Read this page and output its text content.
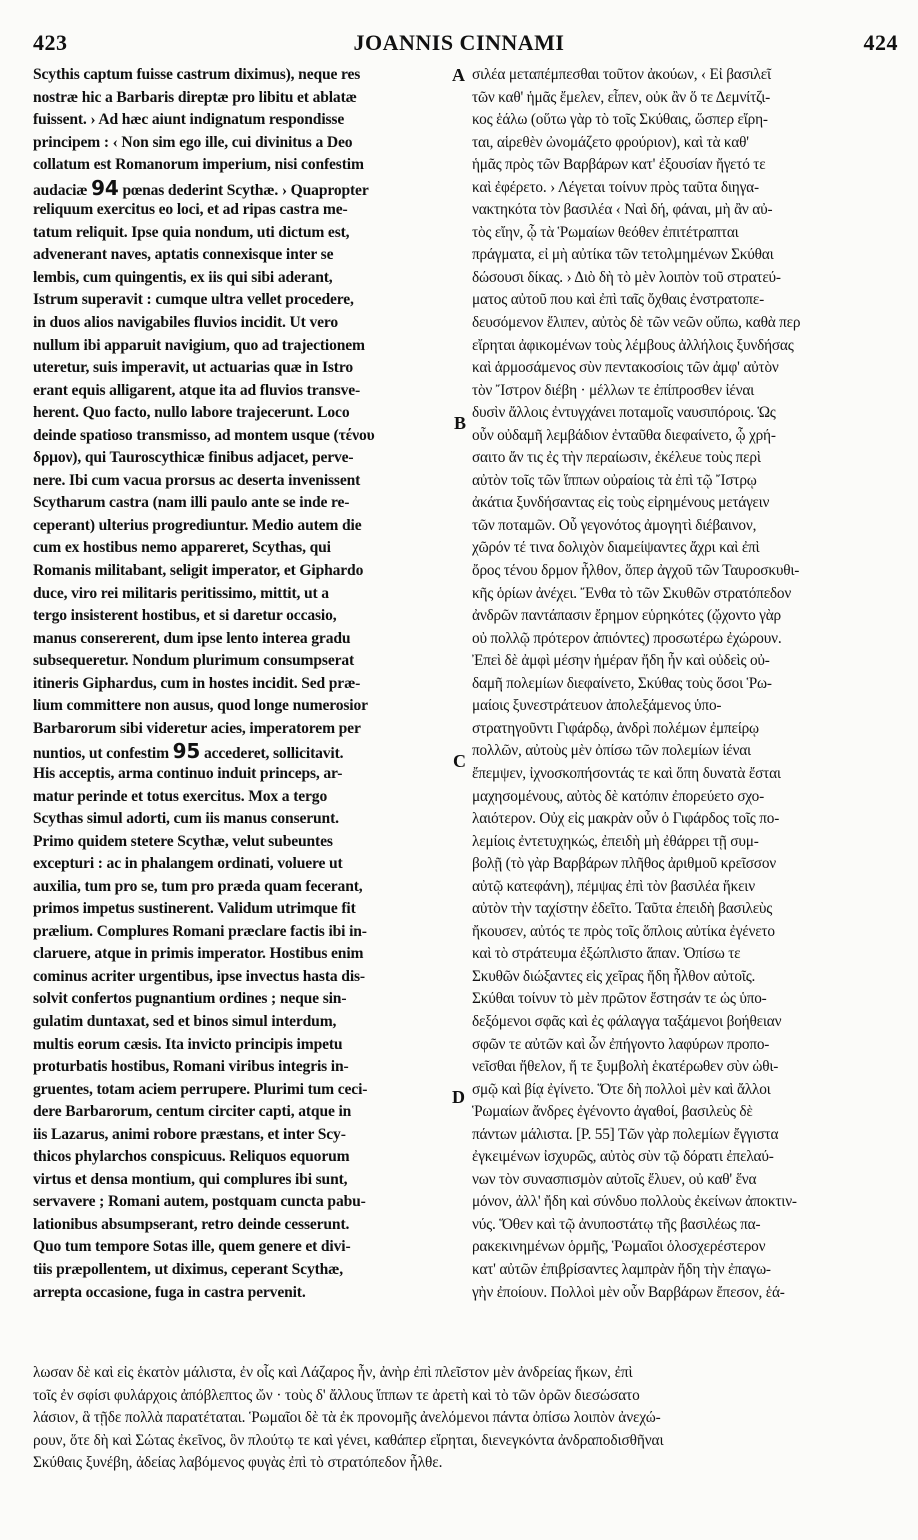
423	JOANNIS CINNAMI	424
Scythis captum fuisse castrum diximus), neque res
nostræ hic a Barbaris direptæ pro libitu et ablatæ
fuissent. › Ad hæc aiunt indignatum respondisse
principem : ‹ Non sim ego ille, cui divinitus a Deo
collatum est Romanorum imperium, nisi confestim
audaciæ 94 pœnas dederint Scythæ. › Quapropter
reliquum exercitus eo loci, et ad ripas castra me-
tatum reliquit. Ipse quia nondum, uti dictum est,
advenerant naves, aptatis connexisque inter se
lembis, cum quingentis, ex iis qui sibi aderant,
Istrum superavit : cumque ultra vellet procedere,
in duos alios navigabiles fluvios incidit. Ut vero
nullum ibi apparuit navigium, quo ad trajectionem
uteretur, suis imperavit, ut actuarias quæ in Istro
erant equis alligarent, atque ita ad fluvios transve-
herent. Quo facto, nullo labore trajecerunt. Loco
deinde spatioso transmisso, ad montem usque (τένου
δρμον), qui Tauroscythicæ finibus adjacet, perve-
nere. Ibi cum vacua prorsus ac deserta invenissent
Scytharum castra (nam illi paulo ante se inde re-
ceperant) ulterius progrediuntur. Medio autem die
cum ex hostibus nemo appareret, Scythas, qui
Romanis militabant, seligit imperator, et Giphardo
duce, viro rei militaris peritissimo, mittit, ut a
tergo insisterent hostibus, et si daretur occasio,
manus consererent, dum ipse lento interea gradu
subsequeretur. Nondum plurimum consumpserat
itineris Giphardus, cum in hostes incidit. Sed præ-
lium committere non ausus, quod longe numerosior
Barbarorum sibi videretur acies, imperatorem per
nuntios, ut confestim 95 accederet, sollicitavit.
His acceptis, arma continuo induit princeps, ar-
matur perinde et totus exercitus. Mox a tergo
Scythas simul adorti, cum iis manus conserunt.
Primo quidem stetere Scythæ, velut subeuntes
excepturi : ac in phalangem ordinati, voluere ut
auxilia, tum pro se, tum pro præda quam fecerant,
primos impetus sustinerent. Validum utrimque fit
prælium. Complures Romani præclare factis ibi in-
claruere, atque in primis imperator. Hostibus enim
cominus acriter urgentibus, ipse invectus hasta dis-
solvit confertos pugnantium ordines ; neque sin-
gulatim duntaxat, sed et binos simul interdum,
multis eorum cæsis. Ita invicto principis impetu
proturbatis hostibus, Romani viribus integris in-
gruentes, totam aciem perrupere. Plurimi tum ceci-
dere Barbarorum, centum circiter capti, atque in
iis Lazarus, animi robore præstans, et inter Scy-
thicos phylarchos conspicuus. Reliquos equorum
virtus et densa montium, qui complures ibi sunt,
servavere ; Romani autem, postquam cuncta pabu-
lationibus absumpserant, retro deinde cesserunt.
Quo tum tempore Sotas ille, quem genere et divi-
tiis præpollentem, ut diximus, ceperant Scythæ,
arrepta occasione, fuga in castra pervenit.
σιλέα μεταπέμπεσθαι τοῦτον ἀκούων, ‹ Εἰ βασιλεῖ
τῶν καθ' ἡμᾶς ἔμελεν, εἶπεν, οὐκ ἂν ὅ τε Δεμνίτζι-
κος ἑάλω (οὕτω γὰρ τὸ τοῖς Σκύθαις, ὥσπερ εἴρη-
ται, αἱρεθὲν ὠνομάζετο φρούριον), καὶ τὰ καθ'
ἡμᾶς πρὸς τῶν Βαρβάρων κατ' ἐξουσίαν ἤγετό τε
καὶ ἐφέρετο. › Λέγεται τοίνυν πρὸς ταῦτα διηγα-
νακτηκότα τὸν βασιλέα ‹ Ναὶ δή, φάναι, μὴ ἂν αὐ-
τὸς εἴην, ᾧ τὰ Ῥωμαίων θεόθεν ἐπιτέτραπται
πράγματα, εἰ μὴ αὐτίκα τῶν τετολμημένων Σκύθαι
δώσουσι δίκας. › Διὸ δὴ τὸ μὲν λοιπὸν τοῦ στρατεύ-
ματος αὐτοῦ που καὶ ἐπὶ ταῖς ὄχθαις ἐνστρατοπε-
δευσόμενον ἔλιπεν, αὐτὸς δὲ τῶν νεῶν οὔπω, καθὰ περ
εἴρηται ἀφικομένων τοὺς λέμβους ἀλλήλοις ξυνδήσας
καὶ ἁρμοσάμενος σὺν πεντακοσίοις τῶν ἀμφ' αὐτὸν
τὸν Ἴστρον διέβη · μέλλων τε ἐπίπροσθεν ἰέναι
δυσὶν ἄλλοις ἐντυγχάνει ποταμοῖς ναυσιπόροις. Ὡς
οὖν οὐδαμῆ λεμβάδιον ἐνταῦθα διεφαίνετο, ᾧ χρή-
σαιτο ἄν τις ἐς τὴν περαίωσιν, ἐκέλευε τοὺς περὶ
αὐτὸν τοῖς τῶν ἵππων οὐραίοις τὰ ἐπὶ τῷ Ἴστρῳ
ἀκάτια ξυνδήσαντας εἰς τοὺς εἰρημένους μετάγειν
τῶν ποταμῶν. Οὗ γεγονότος ἀμογητὶ διέβαινον,
χῶρόν τέ τινα δολιχὸν διαμείψαντες ἄχρι καὶ ἐπὶ
ὄρος τένου δρμον ἦλθον, ὅπερ ἀγχοῦ τῶν Ταυροσκυθι-
κῆς ὁρίων ἀνέχει. Ἔνθα τὸ τῶν Σκυθῶν στρατόπεδον
ἀνδρῶν παντάπασιν ἔρημον εὑρηκότες (ᾤχοντο γὰρ
οὐ πολλῷ πρότερον ἀπιόντες) προσωτέρω ἐχώρουν.
Ἐπεὶ δὲ ἀμφὶ μέσην ἡμέραν ἤδη ἦν καὶ οὐδεὶς οὐ-
δαμῆ πολεμίων διεφαίνετο, Σκύθας τοὺς ὅσοι Ῥω-
μαίοις ξυνεστράτευον ἀπολεξάμενος ὑπο-
στρατηγοῦντι Γιφάρδῳ, ἀνδρὶ πολέμων ἐμπείρῳ
πολλῶν, αὐτοὺς μὲν ὀπίσω τῶν πολεμίων ἰέναι
ἔπεμψεν, ἰχνοσκοπήσοντάς τε καὶ ὅπη δυνατὰ ἔσται
μαχησομένους, αὐτὸς δὲ κατόπιν ἐπορεύετο σχο-
λαιότερον. Οὐχ εἰς μακρὰν οὖν ὁ Γιφάρδος τοῖς πο-
λεμίοις ἐντετυχηκώς, ἐπειδὴ μὴ ἐθάρρει τῇ συμ-
βολῇ (τὸ γὰρ Βαρβάρων πλῆθος ἀριθμοῦ κρεῖσσον
αὐτῷ κατεφάνη), πέμψας ἐπὶ τὸν βασιλέα ἥκειν
αὐτὸν τὴν ταχίστην ἐδεῖτο. Ταῦτα ἐπειδὴ βασιλεὺς
ἤκουσεν, αὐτός τε πρὸς τοῖς ὅπλοις αὐτίκα ἐγένετο
καὶ τὸ στράτευμα ἐξώπλιστο ἅπαν. Ὀπίσω τε
Σκυθῶν διώξαντες εἰς χεῖρας ἤδη ἦλθον αὐτοῖς.
Σκύθαι τοίνυν τὸ μὲν πρῶτον ἔστησάν τε ὡς ὑπο-
δεξόμενοι σφᾶς καὶ ἐς φάλαγγα ταξάμενοι βοήθειαν
σφῶν τε αὐτῶν καὶ ὧν ἐπήγοντο λαφύρων προπο-
νεῖσθαι ἤθελον, ἥ τε ξυμβολὴ ἑκατέρωθεν σὺν ὠθι-
σμῷ καὶ βίᾳ ἐγίνετο. Ὅτε δὴ πολλοὶ μὲν καὶ ἄλλοι
Ῥωμαίων ἄνδρες ἐγένοντο ἀγαθοί, βασιλεὺς δὲ
πάντων μάλιστα. [P. 55] Τῶν γὰρ πολεμίων ἔγγιστα
ἐγκειμένων ἰσχυρῶς, αὐτὸς σὺν τῷ δόρατι ἐπελαύ-
νων τὸν συνασπισμὸν αὐτοῖς ἔλυεν, οὐ καθ' ἕνα
μόνον, ἀλλ' ἤδη καὶ σύνδυο πολλοὺς ἐκείνων ἀποκτιν-
νύς. Ὅθεν καὶ τῷ ἀνυποστάτῳ τῆς βασιλέως πα-
ρακεκινημένων ὁρμῆς, Ῥωμαῖοι ὁλοσχερέστερον
κατ' αὐτῶν ἐπιβρίσαντες λαμπρὰν ἤδη τὴν ἐπαγω-
γὴν ἐποίουν. Πολλοὶ μὲν οὖν Βαρβάρων ἔπεσον, ἑά-
λωσαν δὲ καὶ εἰς ἑκατὸν μάλιστα, ἐν οἷς καὶ Λάζαρος ἦν, ἀνὴρ ἐπὶ πλεῖστον μὲν ἀνδρείας ἥκων, ἐπὶ
τοῖς ἐν σφίσι φυλάρχοις ἀπόβλεπτος ὤν · τοὺς δ' ἄλλους ἵππων τε ἀρετὴ καὶ τὸ τῶν ὀρῶν διεσώσατο
λάσιον, ἃ τῇδε πολλὰ παρατέταται. Ῥωμαῖοι δὲ τὰ ἐκ προνομῆς ἀνελόμενοι πάντα ὀπίσω λοιπὸν ἀνεχώ-
ρουν, ὅτε δὴ καὶ Σώτας ἐκεῖνος, ὃν πλούτῳ τε καὶ γένει, καθάπερ εἴρηται, διενεγκόντα ἀνδραποδισθῆναι
Σκύθαις ξυνέβη, ἀδείας λαβόμενος φυγὰς ἐπὶ τὸ στρατόπεδον ἦλθε.
A
B
C
D
